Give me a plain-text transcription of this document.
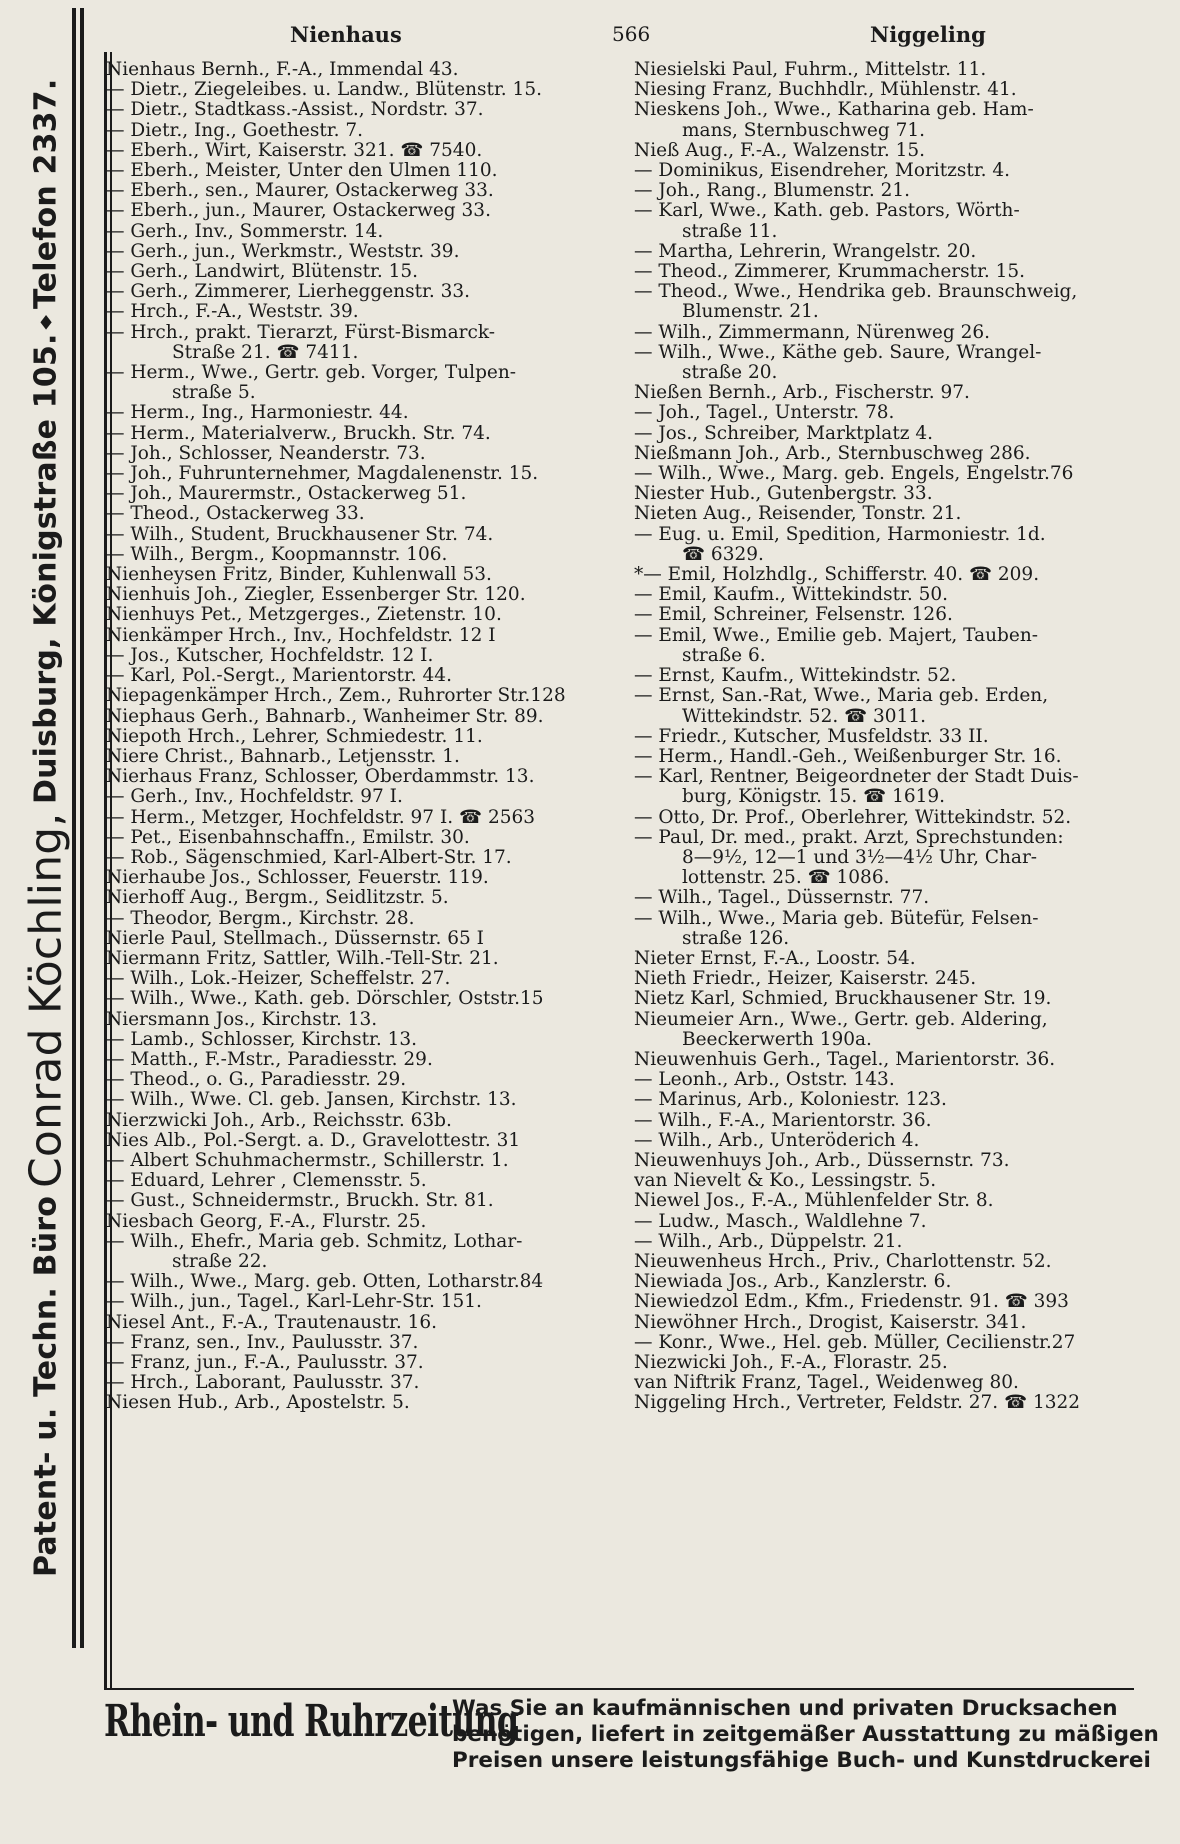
Patent- u. Techn. Büro
Conrad Köchling,
Duisburg, Königstraße 105.
♦
Telefon 2337.
Nienhaus	566	Niggeling
Nienhaus Bernh., F.-A., Immendal 43.
— Dietr., Ziegeleibes. u. Landw., Blütenstr. 15.
— Dietr., Stadtkass.-Assist., Nordstr. 37.
— Dietr., Ing., Goethestr. 7.
— Eberh., Wirt, Kaiserstr. 321. ☎ 7540.
— Eberh., Meister, Unter den Ulmen 110.
— Eberh., sen., Maurer, Ostackerweg 33.
— Eberh., jun., Maurer, Ostackerweg 33.
— Gerh., Inv., Sommerstr. 14.
— Gerh., jun., Werkmstr., Weststr. 39.
— Gerh., Landwirt, Blütenstr. 15.
— Gerh., Zimmerer, Lierheggenstr. 33.
— Hrch., F.-A., Weststr. 39.
— Hrch., prakt. Tierarzt, Fürst-Bismarck-
Straße 21. ☎ 7411.
— Herm., Wwe., Gertr. geb. Vorger, Tulpen-
straße 5.
— Herm., Ing., Harmoniestr. 44.
— Herm., Materialverw., Bruckh. Str. 74.
— Joh., Schlosser, Neanderstr. 73.
— Joh., Fuhrunternehmer, Magdalenenstr. 15.
— Joh., Maurermstr., Ostackerweg 51.
— Theod., Ostackerweg 33.
— Wilh., Student, Bruckhausener Str. 74.
— Wilh., Bergm., Koopmannstr. 106.
Nienheysen Fritz, Binder, Kuhlenwall 53.
Nienhuis Joh., Ziegler, Essenberger Str. 120.
Nienhuys Pet., Metzgerges., Zietenstr. 10.
Nienkämper Hrch., Inv., Hochfeldstr. 12 I
— Jos., Kutscher, Hochfeldstr. 12 I.
— Karl, Pol.-Sergt., Marientorstr. 44.
Niepagenkämper Hrch., Zem., Ruhrorter Str.128
Niephaus Gerh., Bahnarb., Wanheimer Str. 89.
Niepoth Hrch., Lehrer, Schmiedestr. 11.
Niere Christ., Bahnarb., Letjensstr. 1.
Nierhaus Franz, Schlosser, Oberdammstr. 13.
— Gerh., Inv., Hochfeldstr. 97 I.
— Herm., Metzger, Hochfeldstr. 97 I. ☎ 2563
— Pet., Eisenbahnschaffn., Emilstr. 30.
— Rob., Sägenschmied, Karl-Albert-Str. 17.
Nierhaube Jos., Schlosser, Feuerstr. 119.
Nierhoff Aug., Bergm., Seidlitzstr. 5.
— Theodor, Bergm., Kirchstr. 28.
Nierle Paul, Stellmach., Düssernstr. 65 I
Niermann Fritz, Sattler, Wilh.-Tell-Str. 21.
— Wilh., Lok.-Heizer, Scheffelstr. 27.
— Wilh., Wwe., Kath. geb. Dörschler, Oststr.15
Niersmann Jos., Kirchstr. 13.
— Lamb., Schlosser, Kirchstr. 13.
— Matth., F.-Mstr., Paradiesstr. 29.
— Theod., o. G., Paradiesstr. 29.
— Wilh., Wwe. Cl. geb. Jansen, Kirchstr. 13.
Nierzwicki Joh., Arb., Reichsstr. 63b.
Nies Alb., Pol.-Sergt. a. D., Gravelottestr. 31
— Albert Schuhmachermstr., Schillerstr. 1.
— Eduard, Lehrer , Clemensstr. 5.
— Gust., Schneidermstr., Bruckh. Str. 81.
Niesbach Georg, F.-A., Flurstr. 25.
— Wilh., Ehefr., Maria geb. Schmitz, Lothar-
straße 22.
— Wilh., Wwe., Marg. geb. Otten, Lotharstr.84
— Wilh., jun., Tagel., Karl-Lehr-Str. 151.
Niesel Ant., F.-A., Trautenaustr. 16.
— Franz, sen., Inv., Paulusstr. 37.
— Franz, jun., F.-A., Paulusstr. 37.
— Hrch., Laborant, Paulusstr. 37.
Niesen Hub., Arb., Apostelstr. 5.
Niesielski Paul, Fuhrm., Mittelstr. 11.
Niesing Franz, Buchhdlr., Mühlenstr. 41.
Nieskens Joh., Wwe., Katharina geb. Ham-
mans, Sternbuschweg 71.
Nieß Aug., F.-A., Walzenstr. 15.
— Dominikus, Eisendreher, Moritzstr. 4.
— Joh., Rang., Blumenstr. 21.
— Karl, Wwe., Kath. geb. Pastors, Wörth-
straße 11.
— Martha, Lehrerin, Wrangelstr. 20.
— Theod., Zimmerer, Krummacherstr. 15.
— Theod., Wwe., Hendrika geb. Braunschweig,
Blumenstr. 21.
— Wilh., Zimmermann, Nürenweg 26.
— Wilh., Wwe., Käthe geb. Saure, Wrangel-
straße 20.
Nießen Bernh., Arb., Fischerstr. 97.
— Joh., Tagel., Unterstr. 78.
— Jos., Schreiber, Marktplatz 4.
Nießmann Joh., Arb., Sternbuschweg 286.
— Wilh., Wwe., Marg. geb. Engels, Engelstr.76
Niester Hub., Gutenbergstr. 33.
Nieten Aug., Reisender, Tonstr. 21.
— Eug. u. Emil, Spedition, Harmoniestr. 1d.
☎ 6329.
*— Emil, Holzhdlg., Schifferstr. 40. ☎ 209.
— Emil, Kaufm., Wittekindstr. 50.
— Emil, Schreiner, Felsenstr. 126.
— Emil, Wwe., Emilie geb. Majert, Tauben-
straße 6.
— Ernst, Kaufm., Wittekindstr. 52.
— Ernst, San.-Rat, Wwe., Maria geb. Erden,
Wittekindstr. 52. ☎ 3011.
— Friedr., Kutscher, Musfeldstr. 33 II.
— Herm., Handl.-Geh., Weißenburger Str. 16.
— Karl, Rentner, Beigeordneter der Stadt Duis-
burg, Königstr. 15. ☎ 1619.
— Otto, Dr. Prof., Oberlehrer, Wittekindstr. 52.
— Paul, Dr. med., prakt. Arzt, Sprechstunden:
8—9½, 12—1 und 3½—4½ Uhr, Char-
lottenstr. 25. ☎ 1086.
— Wilh., Tagel., Düssernstr. 77.
— Wilh., Wwe., Maria geb. Bütefür, Felsen-
straße 126.
Nieter Ernst, F.-A., Loostr. 54.
Nieth Friedr., Heizer, Kaiserstr. 245.
Nietz Karl, Schmied, Bruckhausener Str. 19.
Nieumeier Arn., Wwe., Gertr. geb. Aldering,
Beeckerwerth 190a.
Nieuwenhuis Gerh., Tagel., Marientorstr. 36.
— Leonh., Arb., Oststr. 143.
— Marinus, Arb., Koloniestr. 123.
— Wilh., F.-A., Marientorstr. 36.
— Wilh., Arb., Unteröderich 4.
Nieuwenhuys Joh., Arb., Düssernstr. 73.
van Nievelt & Ko., Lessingstr. 5.
Niewel Jos., F.-A., Mühlenfelder Str. 8.
— Ludw., Masch., Waldlehne 7.
— Wilh., Arb., Düppelstr. 21.
Nieuwenheus Hrch., Priv., Charlottenstr. 52.
Niewiada Jos., Arb., Kanzlerstr. 6.
Niewiedzol Edm., Kfm., Friedenstr. 91. ☎ 393
Niewöhner Hrch., Drogist, Kaiserstr. 341.
— Konr., Wwe., Hel. geb. Müller, Cecilienstr.27
Niezwicki Joh., F.-A., Florastr. 25.
van Niftrik Franz, Tagel., Weidenweg 80.
Niggeling Hrch., Vertreter, Feldstr. 27. ☎ 1322
Rhein- und Ruhrzeitung
Was Sie an kaufmännischen und privaten Drucksachen
benötigen, liefert in zeitgemäßer Ausstattung zu mäßigen
Preisen unsere leistungsfähige Buch- und Kunstdruckerei
